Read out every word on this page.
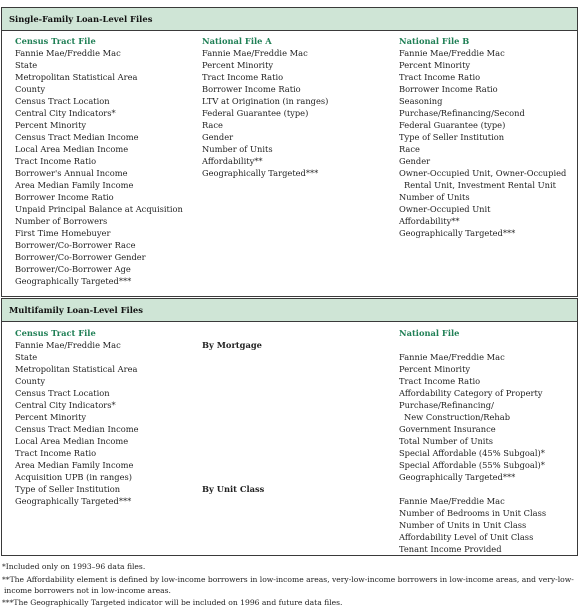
Single-Family Loan-Level Files
Census Tract File
Fannie Mae/Freddie Mac
State
Metropolitan Statistical Area
County
Census Tract Location
Central City Indicators*
Percent Minority
Census Tract Median Income
Local Area Median Income
Tract Income Ratio
Borrower's Annual Income
Area Median Family Income
Borrower Income Ratio
Unpaid Principal Balance at Acquisition
Number of Borrowers
First Time Homebuyer
Borrower/Co-Borrower Race
Borrower/Co-Borrower Gender
Borrower/Co-Borrower Age
Geographically Targeted***
National File A
Fannie Mae/Freddie Mac
Percent Minority
Tract Income Ratio
Borrower Income Ratio
LTV at Origination (in ranges)
Federal Guarantee (type)
Race
Gender
Number of Units
Affordability**
Geographically Targeted***
National File B
Fannie Mae/Freddie Mac
Percent Minority
Tract Income Ratio
Borrower Income Ratio
Seasoning
Purchase/Refinancing/Second
Federal Guarantee (type)
Type of Seller Institution
Race
Gender
Owner-Occupied Unit, Owner-Occupied
Rental Unit, Investment Rental Unit
Number of Units
Owner-Occupied Unit
Affordability**
Geographically Targeted***
Multifamily Loan-Level Files
Census Tract File
Fannie Mae/Freddie Mac
State
Metropolitan Statistical Area
County
Census Tract Location
Central City Indicators*
Percent Minority
Census Tract Median Income
Local Area Median Income
Tract Income Ratio
Area Median Family Income
Acquisition UPB (in ranges)
Type of Seller Institution
Geographically Targeted***
By Mortgage
By Unit Class
National File
Fannie Mae/Freddie Mac
Percent Minority
Tract Income Ratio
Affordability Category of Property
Purchase/Refinancing/
New Construction/Rehab
Government Insurance
Total Number of Units
Special Affordable (45% Subgoal)*
Special Affordable (55% Subgoal)*
Geographically Targeted***
Fannie Mae/Freddie Mac
Number of Bedrooms in Unit Class
Number of Units in Unit Class
Affordability Level of Unit Class
Tenant Income Provided
*Included only on 1993–96 data files.
**The Affordability element is defined by low-income borrowers in low-income areas, very-low-income borrowers in low-income areas, and very-low-
income borrowers not in low-income areas.
***The Geographically Targeted indicator will be included on 1996 and future data files.
